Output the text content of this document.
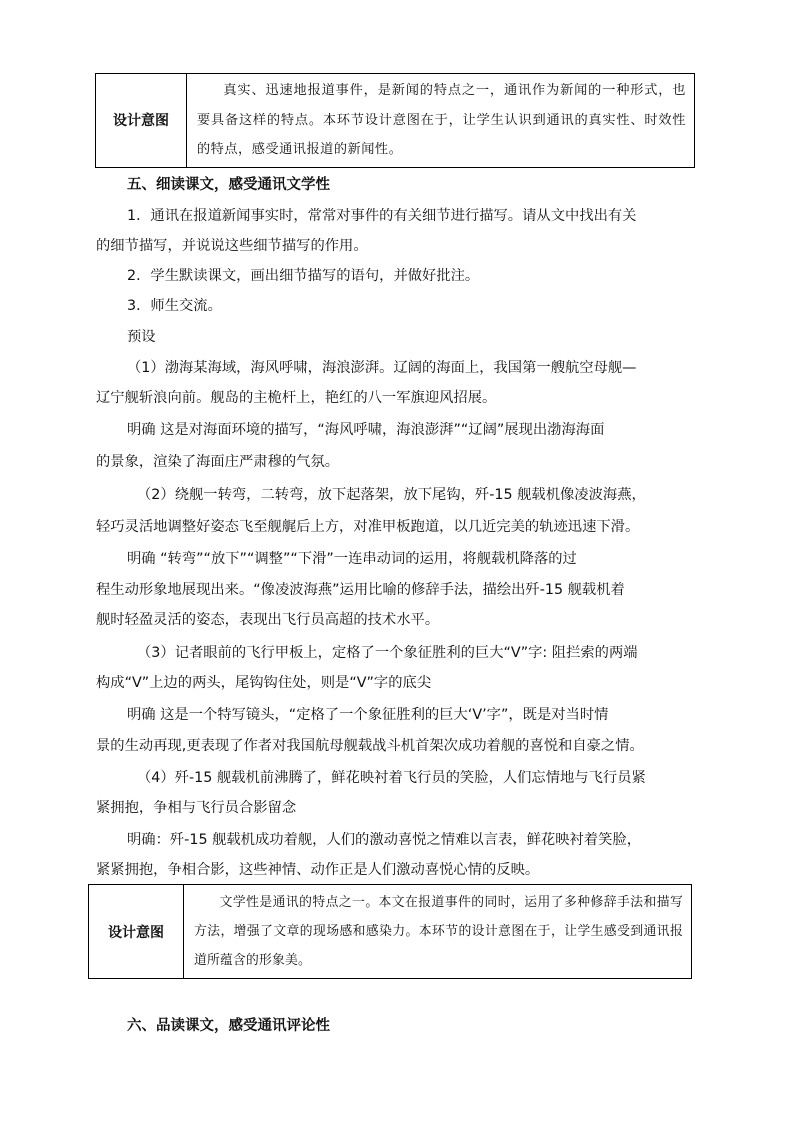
设计意图	真实、迅速地报道事件，是新闻的特点之一，通讯作为新闻的一种形式，也要具备这样的特点。本环节设计意图在于，让学生认识到通讯的真实性、时效性的特点，感受通讯报道的新闻性。
五、细读课文，感受通讯文学性
1．通讯在报道新闻事实时，常常对事件的有关细节进行描写。请从文中找出有关
的细节描写，并说说这些细节描写的作用。
2．学生默读课文，画出细节描写的语句，并做好批注。
3．师生交流。
预设
（1）渤海某海域，海风呼啸，海浪澎湃。辽阔的海面上，我国第一艘航空母舰—
辽宁舰斩浪向前。舰岛的主桅杆上，艳红的八一军旗迎风招展。
明确 这是对海面环境的描写，“海风呼啸，海浪澎湃”“辽阔”展现出渤海海面
的景象，渲染了海面庄严肃穆的气氛。
（2）绕舰一转弯，二转弯，放下起落架，放下尾钩，歼-15 舰载机像凌波海燕，
轻巧灵活地调整好姿态飞至舰艉后上方，对准甲板跑道，以几近完美的轨迹迅速下滑。
明确 “转弯”“放下”“调整”“下滑”一连串动词的运用，将舰载机降落的过
程生动形象地展现出来。“像凌波海燕”运用比喻的修辞手法，描绘出歼-15 舰载机着
舰时轻盈灵活的姿态，表现出飞行员高超的技术水平。
（3）记者眼前的飞行甲板上，定格了一个象征胜利的巨大“V”字: 阻拦索的两端
构成“V”上边的两头，尾钩钩住处，则是“V”字的底尖
明确 这是一个特写镜头，“定格了一个象征胜利的巨大‘V’字”，既是对当时情
景的生动再现,更表现了作者对我国航母舰载战斗机首架次成功着舰的喜悦和自豪之情。
（4）歼-15 舰载机前沸腾了，鲜花映衬着飞行员的笑脸，人们忘情地与飞行员紧
紧拥抱，争相与飞行员合影留念
明确：歼-15 舰载机成功着舰，人们的激动喜悦之情难以言表，鲜花映衬着笑脸，
紧紧拥抱，争相合影，这些神情、动作正是人们激动喜悦心情的反映。
设计意图	文学性是通讯的特点之一。本文在报道事件的同时，运用了多种修辞手法和描写方法，增强了文章的现场感和感染力。本环节的设计意图在于，让学生感受到通讯报道所蕴含的形象美。
六、品读课文，感受通讯评论性
